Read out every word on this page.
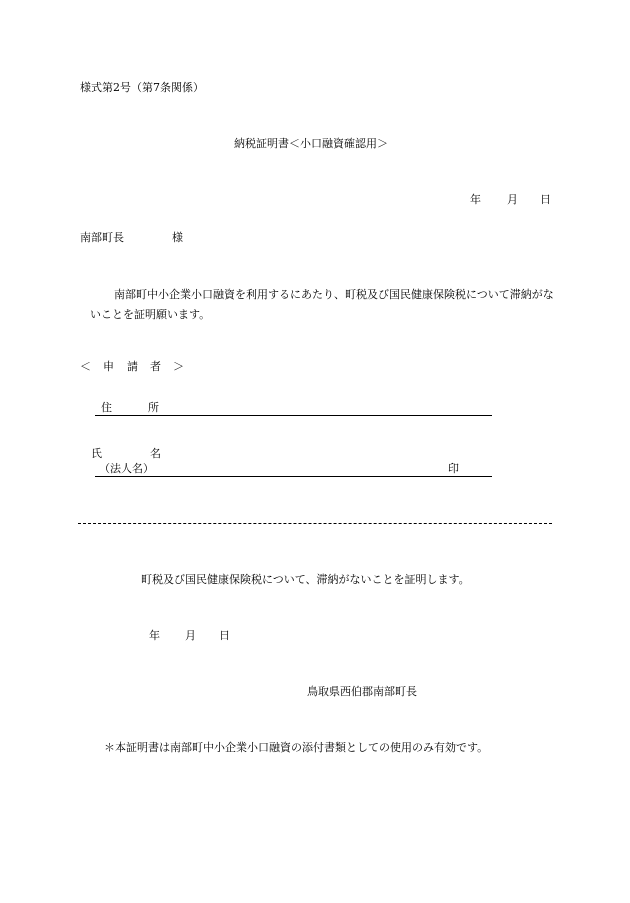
様式第2号（第7条関係）
納税証明書＜小口融資確認用＞
年 月 日
南部町長	様
南部町中小企業小口融資を利用するにあたり、町税及び国民健康保険税について滞納がないことを証明願います。
＜ 申 請 者 ＞
住	所
氏	名
（法人名）	印
町税及び国民健康保険税について、滞納がないことを証明します。
年 月 日
鳥取県西伯郡南部町長
＊本証明書は南部町中小企業小口融資の添付書類としての使用のみ有効です。
